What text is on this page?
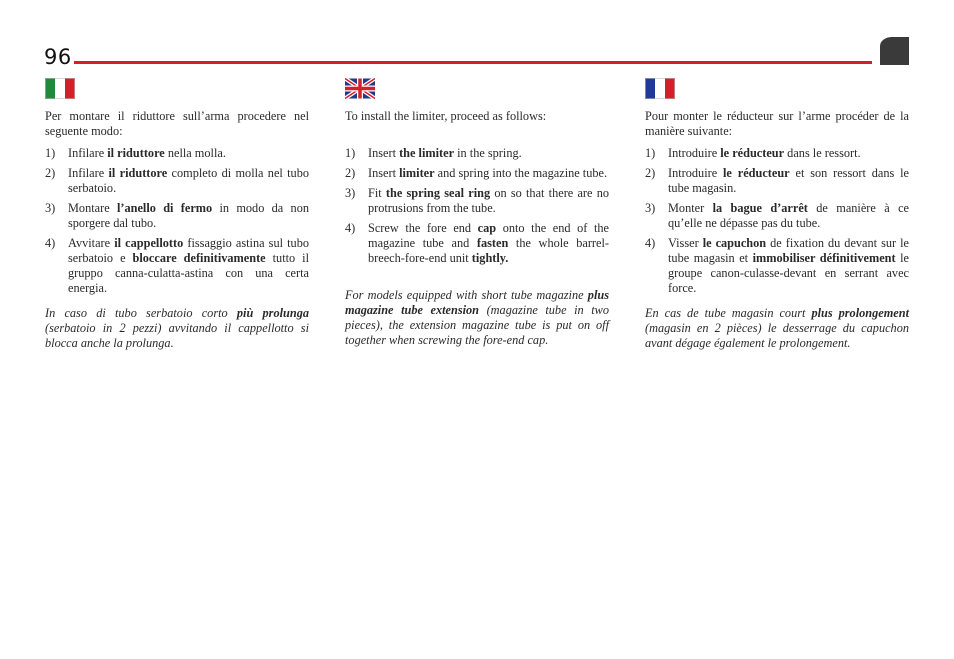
96

Per montare il riduttore sull’arma procedere nel seguente modo:

1)	Infilare il riduttore nella molla.
2)	Infilare il riduttore completo di molla nel tubo serbatoio.
3)	Montare l’anello di fermo in modo da non sporgere dal tubo.
4)	Avvitare il cappellotto fissaggio astina sul tubo serbatoio e bloccare definitivamente tutto il gruppo canna-culatta-astina con una certa energia.

In caso di tubo serbatoio corto più prolunga (serbatoio in 2 pezzi) avvitando il cappellotto si blocca anche la prolunga.

To install the limiter, proceed as follows:

1)	Insert the limiter in the spring.
2)	Insert limiter and spring into the magazine tube.
3)	Fit the spring seal ring on so that there are no protrusions from the tube.
4)	Screw the fore end cap onto the end of the magazine tube and fasten the whole barrel-breech-fore-end unit tightly.

For models equipped with short tube magazine plus magazine tube extension (magazine tube in two pieces), the extension magazine tube is put on off together when screwing the fore-end cap.

Pour monter le réducteur sur l’arme procéder de la manière suivante:

1)	Introduire le réducteur dans le ressort.
2)	Introduire le réducteur et son ressort dans le tube magasin.
3)	Monter la bague d’arrêt de manière à ce qu’elle ne dépasse pas du tube.
4)	Visser le capuchon de fixation du devant sur le tube magasin et immobiliser définitivement le groupe canon-culasse-devant en serrant avec force.

En cas de tube magasin court plus prolongement (magasin en 2 pièces) le desserrage du capuchon avant dégage également le prolongement.
